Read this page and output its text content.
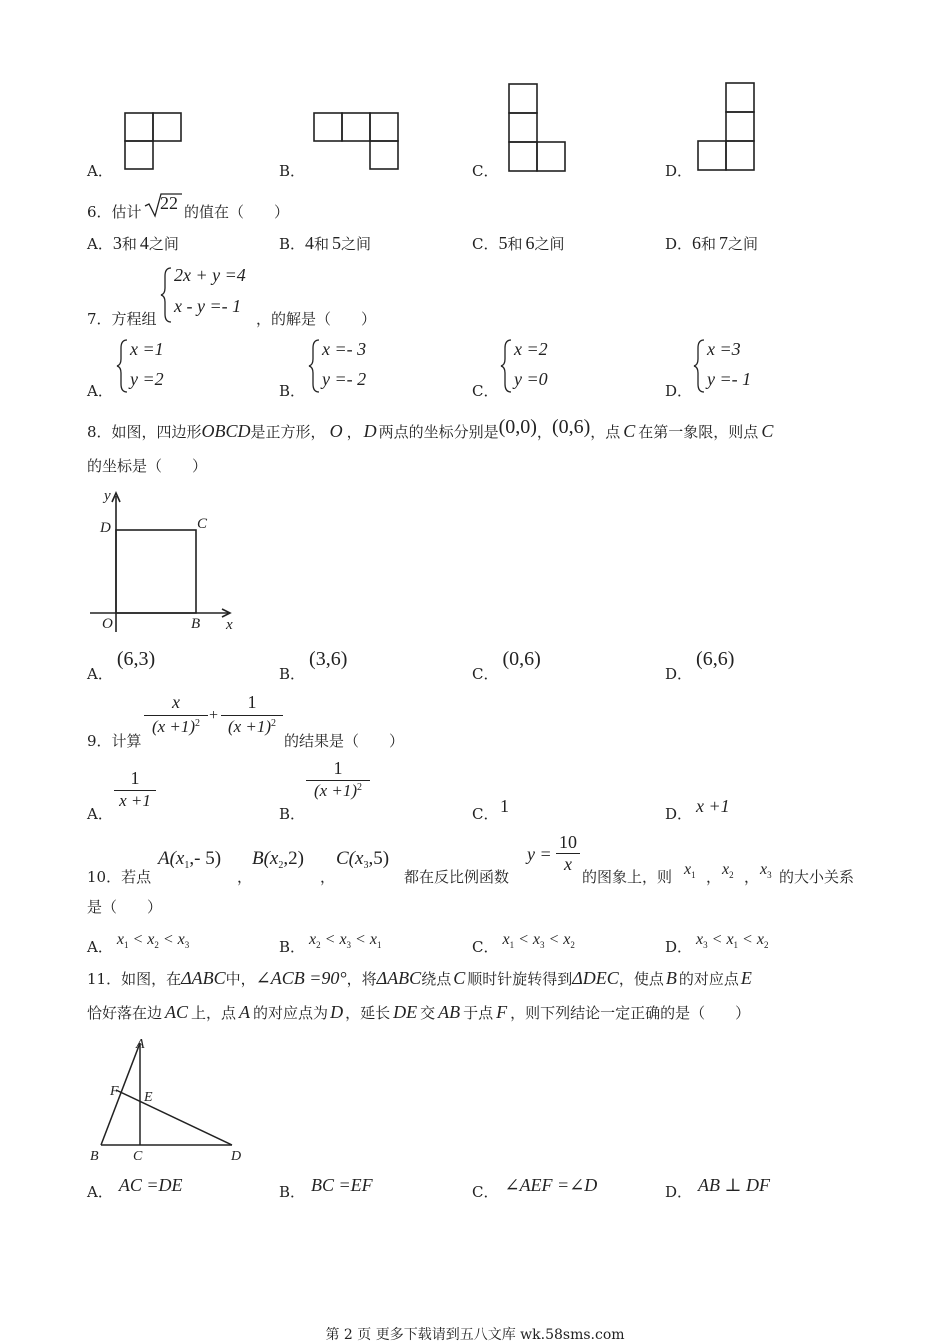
A．	B．	C．	D．
6．估计 22 的值在（　　）
A．3和 4之间	B．4和 5之间	C．5和 6之间	D．6和 7之间
7．方程组
2x + y =4
x - y =- 1
，的解是（　　）
A．
x =1
y =2
B．
x =- 3
y =- 2
C．
x =2
y =0
D．
x =3
y =- 1
8．如图，四边形OBCD是正方形， O ， D 两点的坐标分别是(0,0)，(0,6)，点 C 在第一象限，则点 C
的坐标是（　　）
y
x
D	C
O	B
A．(6,3)
B．(3,6)
C．(0,6)
D．(6,6)
9．计算
x
$(x +1)^2$ +
1
$(x +1)^2$
的结果是（　　）
A．
$\frac{1}{x +1}$
B．
1
$(x +1)^2$
C． 1	D． x +1
10．若点
$A(x_1,-$ 5)
，
$B(x_2,2)$
，
$C(x_3,5)$
都在反比例函数
$y = \frac{10}{x}$
的图象上，则 $x_1$ ， $x_2$ ， $x_3$ 的大小关系
是（　　）
A． $x_1 < x_2 < x_3$	B． $x_2 < x_3 < x_1$	C． $x_1 < x_3 < x_2$	D． $x_3 < x_1 < x_2$
11．如图，在ΔABC中，∠ACB =90°，将ΔABC绕点 C 顺时针旋转得到ΔDEC，使点 B 的对应点 E
恰好落在边 AC 上，点 A 的对应点为 D ，延长 DE 交 AB 于点 F ，则下列结论一定正确的是（　　）
A
F E
B C	D
A． AC =DE	B． BC =EF	C． ∠AEF =∠D	D． AB ⊥ DF
第 2 页 更多下载请到五八文库 wk.58sms.com
